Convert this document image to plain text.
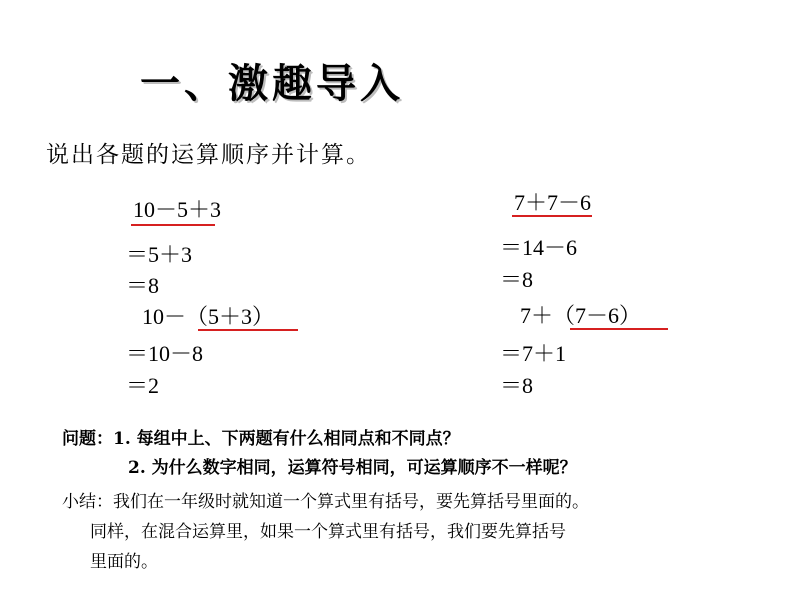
一、激趣导入
说出各题的运算顺序并计算。
10－5＋3
＝5＋3
＝8
10－（5＋3）
＝10－8
＝2
7＋7－6
＝14－6
＝8
7＋（7－6）
＝7＋1
＝8
问题：1. 每组中上、下两题有什么相同点和不同点？
2. 为什么数字相同，运算符号相同，可运算顺序不一样呢？
小结：我们在一年级时就知道一个算式里有括号，要先算括号里面的。
同样，在混合运算里，如果一个算式里有括号，我们要先算括号
里面的。
